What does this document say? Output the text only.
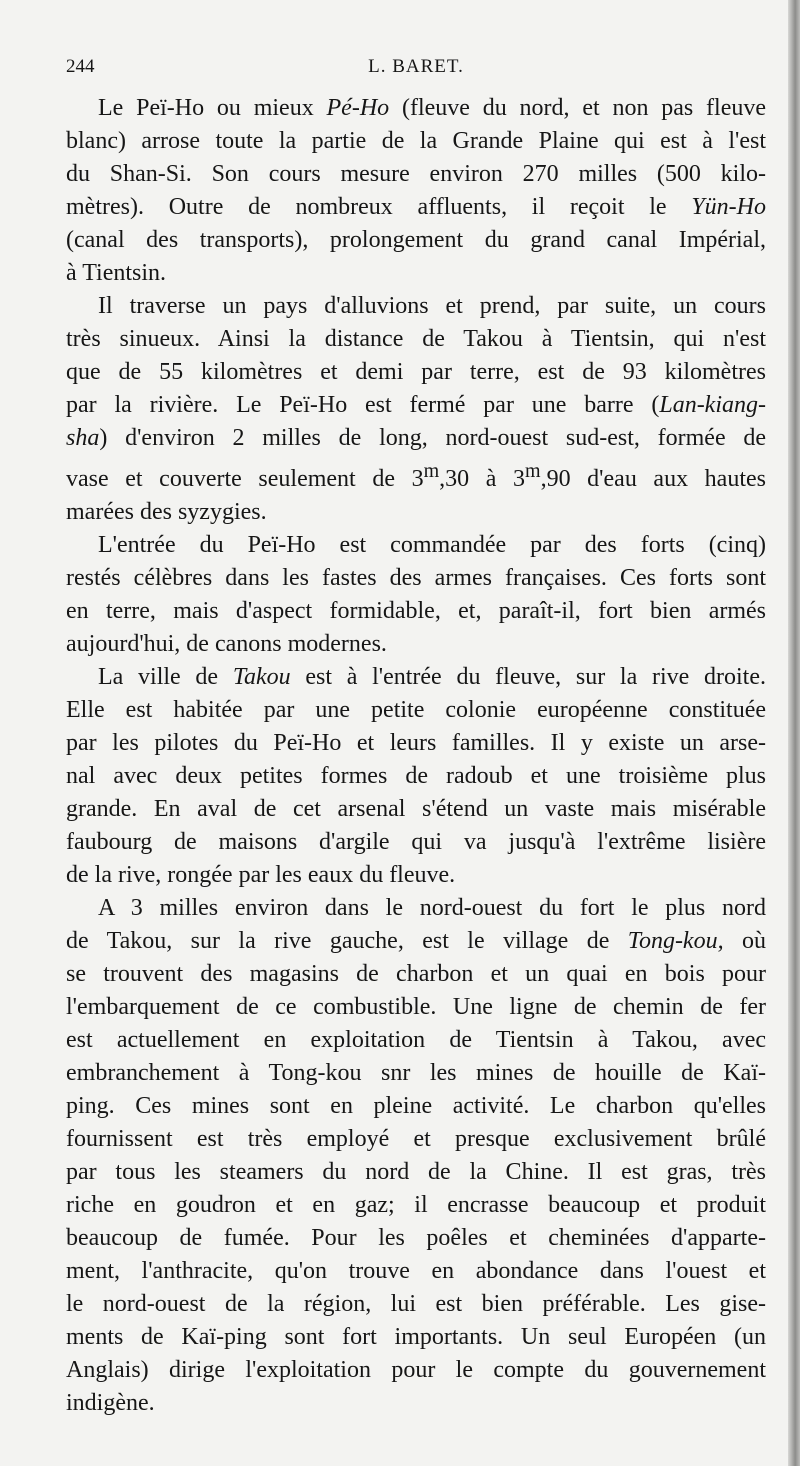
244	L. BARET.
Le Peï-Ho ou mieux Pé-Ho (fleuve du nord, et non pas fleuve
blanc) arrose toute la partie de la Grande Plaine qui est à l'est
du Shan-Si. Son cours mesure environ 270 milles (500 kilo-
mètres). Outre de nombreux affluents, il reçoit le Yün-Ho
(canal des transports), prolongement du grand canal Impérial,
à Tientsin.
Il traverse un pays d'alluvions et prend, par suite, un cours
très sinueux. Ainsi la distance de Takou à Tientsin, qui n'est
que de 55 kilomètres et demi par terre, est de 93 kilomètres
par la rivière. Le Peï-Ho est fermé par une barre (Lan-kiang-
sha) d'environ 2 milles de long, nord-ouest sud-est, formée de
vase et couverte seulement de 3$^m$,30 à 3$^m$,90 d'eau aux hautes
marées des syzygies.
L'entrée du Peï-Ho est commandée par des forts (cinq)
restés célèbres dans les fastes des armes françaises. Ces forts sont
en terre, mais d'aspect formidable, et, paraît-il, fort bien armés
aujourd'hui, de canons modernes.
La ville de Takou est à l'entrée du fleuve, sur la rive droite.
Elle est habitée par une petite colonie européenne constituée
par les pilotes du Peï-Ho et leurs familles. Il y existe un arse-
nal avec deux petites formes de radoub et une troisième plus
grande. En aval de cet arsenal s'étend un vaste mais misérable
faubourg de maisons d'argile qui va jusqu'à l'extrême lisière
de la rive, rongée par les eaux du fleuve.
A 3 milles environ dans le nord-ouest du fort le plus nord
de Takou, sur la rive gauche, est le village de Tong-kou, où
se trouvent des magasins de charbon et un quai en bois pour
l'embarquement de ce combustible. Une ligne de chemin de fer
est actuellement en exploitation de Tientsin à Takou, avec
embranchement à Tong-kou snr les mines de houille de Kaï-
ping. Ces mines sont en pleine activité. Le charbon qu'elles
fournissent est très employé et presque exclusivement brûlé
par tous les steamers du nord de la Chine. Il est gras, très
riche en goudron et en gaz; il encrasse beaucoup et produit
beaucoup de fumée. Pour les poêles et cheminées d'apparte-
ment, l'anthracite, qu'on trouve en abondance dans l'ouest et
le nord-ouest de la région, lui est bien préférable. Les gise-
ments de Kaï-ping sont fort importants. Un seul Européen (un
Anglais) dirige l'exploitation pour le compte du gouvernement
indigène.
